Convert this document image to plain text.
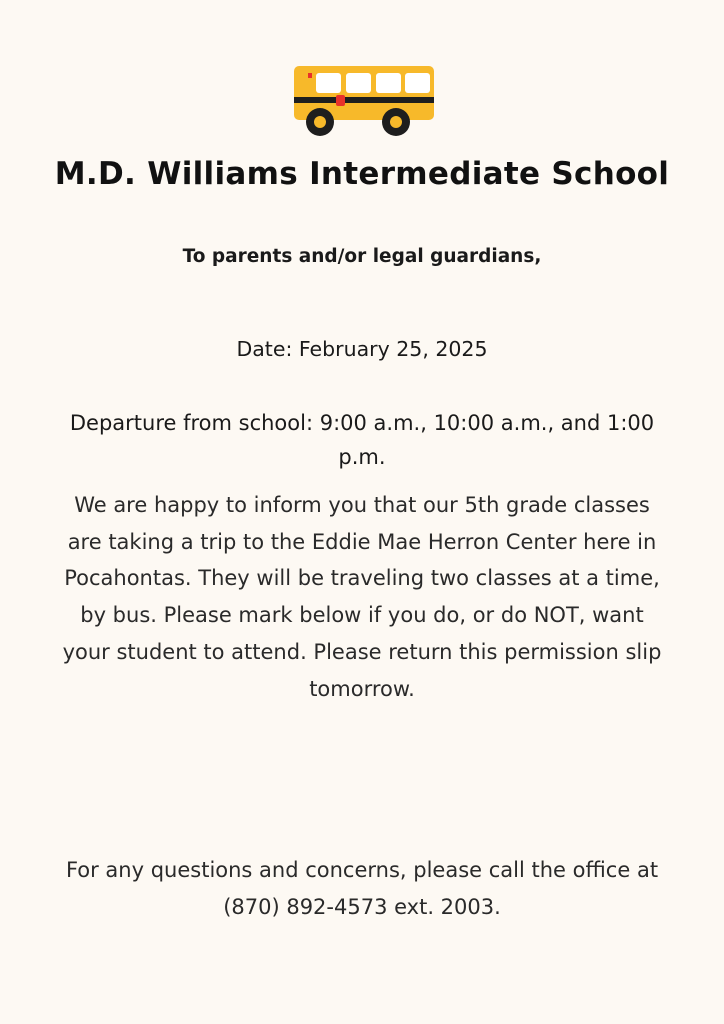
M.D. Williams Intermediate School
To parents and/or legal guardians,
Date: February 25, 2025
Departure from school: 9:00 a.m., 10:00 a.m., and 1:00 p.m.
We are happy to inform you that our 5th grade classes are taking a trip to the Eddie Mae Herron Center here in Pocahontas. They will be traveling two classes at a time, by bus. Please mark below if you do, or do NOT, want your student to attend. Please return this permission slip tomorrow.
For any questions and concerns, please call the office at (870) 892-4573 ext. 2003.
